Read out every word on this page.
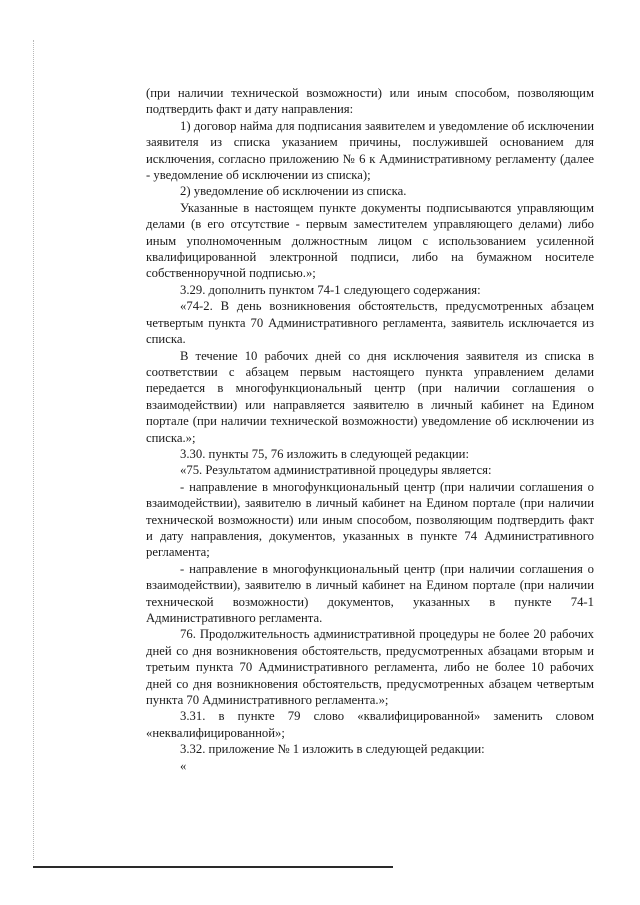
(при наличии технической возможности) или иным способом, позволяющим подтвердить факт и дату направления:

1) договор найма для подписания заявителем и уведомление об исключении заявителя из списка указанием причины, послужившей основанием для исключения, согласно приложению № 6 к Административному регламенту (далее - уведомление об исключении из списка);

2) уведомление об исключении из списка.

Указанные в настоящем пункте документы подписываются управляющим делами (в его отсутствие - первым заместителем управляющего делами) либо иным уполномоченным должностным лицом с использованием усиленной квалифицированной электронной подписи, либо на бумажном носителе собственноручной подписью.»;

3.29. дополнить пунктом 74-1 следующего содержания:

«74-2. В день возникновения обстоятельств, предусмотренных абзацем четвертым пункта 70 Административного регламента, заявитель исключается из списка.

В течение 10 рабочих дней со дня исключения заявителя из списка в соответствии с абзацем первым настоящего пункта управлением делами передается в многофункциональный центр (при наличии соглашения о взаимодействии) или направляется заявителю в личный кабинет на Едином портале (при наличии технической возможности) уведомление об исключении из списка.»;

3.30. пункты 75, 76 изложить в следующей редакции:

«75. Результатом административной процедуры является:

- направление в многофункциональный центр (при наличии соглашения о взаимодействии), заявителю в личный кабинет на Едином портале (при наличии технической возможности) или иным способом, позволяющим подтвердить факт и дату направления, документов, указанных в пункте 74 Административного регламента;

- направление в многофункциональный центр (при наличии соглашения о взаимодействии), заявителю в личный кабинет на Едином портале (при наличии технической возможности) документов, указанных в пункте 74-1 Административного регламента.

76. Продолжительность административной процедуры не более 20 рабочих дней со дня возникновения обстоятельств, предусмотренных абзацами вторым и третьим пункта 70 Административного регламента, либо не более 10 рабочих дней со дня возникновения обстоятельств, предусмотренных абзацем четвертым пункта 70 Административного регламента.»;

3.31. в пункте 79 слово «квалифицированной» заменить словом «неквалифицированной»;

3.32. приложение № 1 изложить в следующей редакции:

«
